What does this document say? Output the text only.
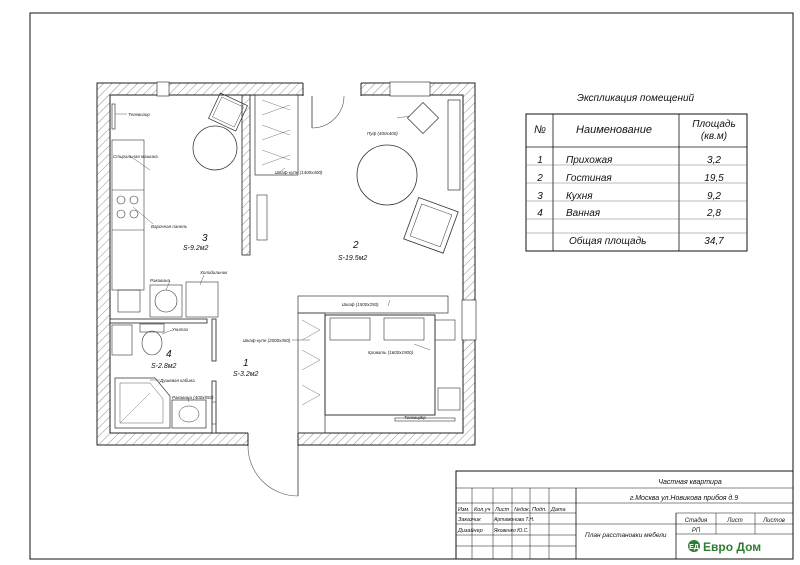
Телевизор
Стиральная машина
Варочная панель
Раковина
Холодильник
Шкаф-купе (1400х400)
Пуф (400х400)
Шкаф-купе (2000х450)
Шкаф (1500х250)
Кровать (1600х1900)
Телевизор
Унитаз
Душевая кабина
Раковина (400х550)
3
S-9.2м2	2
S-19.5м2
1
S-3.2м2
4
S-2.8м2
Экспликация помещений
№	Наименование	Площадь
(кв.м)
1 Прихожая	3,2
2 Гостиная	19,5
3 Кухня	9,2
4 Ванная	2,8
Общая площадь	34,7
Частная квартира
г.Москва ул.Новикова прибоя д.9
Изм. Кол.уч Лист №док. Подп. Дата
Заказчик	Артамонова Т.Н.
Дизайнер Яковенко Ю.С.
Стадия	Лист	Листов
РП
План расстановки мебели
ЕД Евро Дом
